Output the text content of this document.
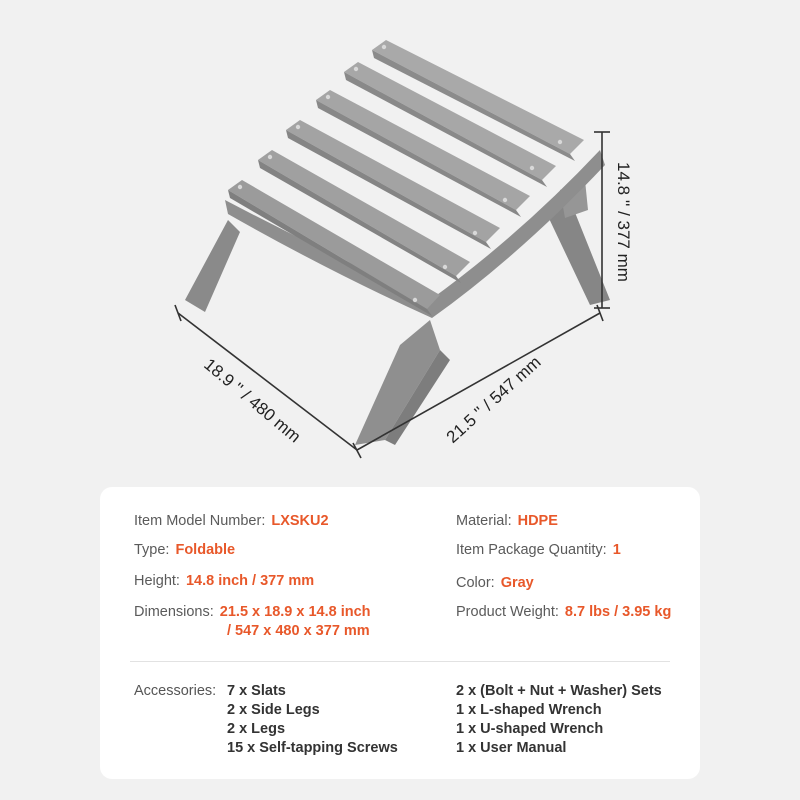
14.8 '' / 377 mm
18.9 '' / 480 mm	21.5 '' / 547 mm
Item Model Number: LXSKU2
Type: Foldable
Height: 14.8 inch / 377 mm
Dimensions: 21.5 x 18.9 x 14.8 inch
/ 547 x 480 x 377 mm
Material: HDPE
Item Package Quantity: 1
Color: Gray
Product Weight: 8.7 lbs / 3.95 kg
Accessories: 7 x Slats
2 x Side Legs
2 x Legs
15 x Self-tapping Screws
2 x (Bolt + Nut + Washer) Sets
1 x L-shaped Wrench
1 x U-shaped Wrench
1 x User Manual
